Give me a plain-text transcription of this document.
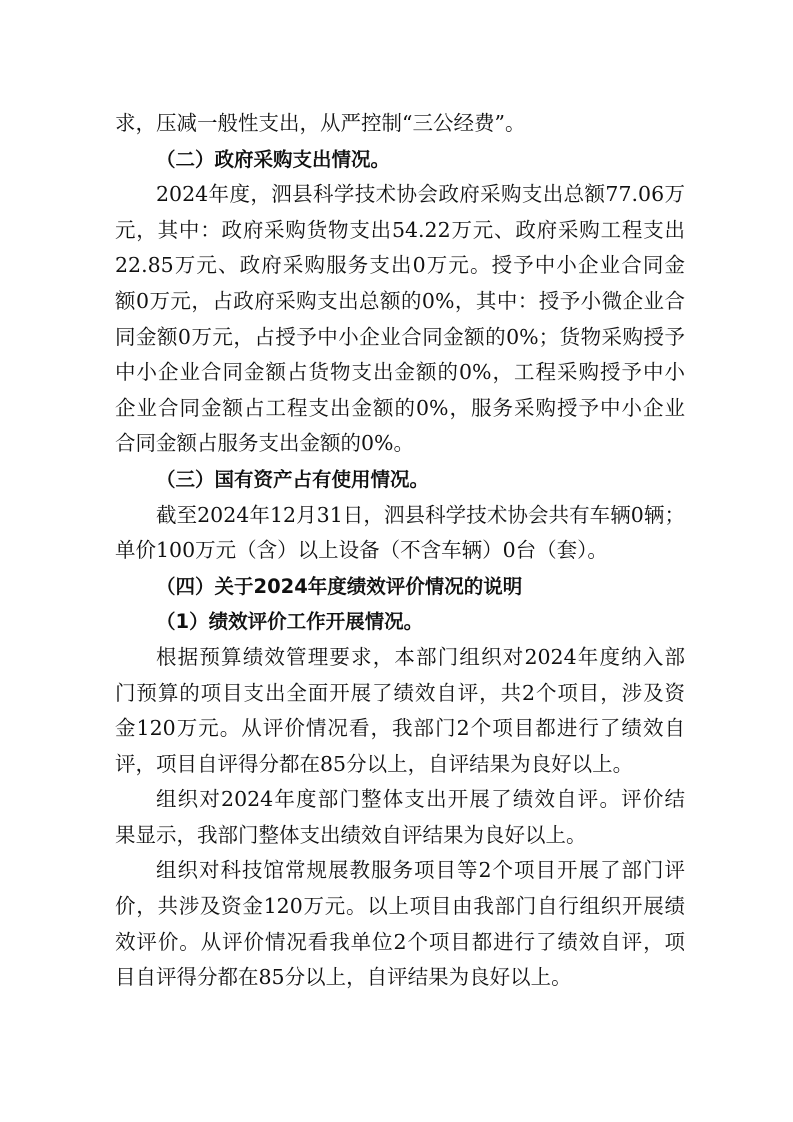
求，压减一般性支出，从严控制“三公经费”。
（二）政府采购支出情况。
2024年度，泗县科学技术协会政府采购支出总额77.06万
元，其中：政府采购货物支出54.22万元、政府采购工程支出
22.85万元、政府采购服务支出0万元。授予中小企业合同金
额0万元，占政府采购支出总额的0%，其中：授予小微企业合
同金额0万元，占授予中小企业合同金额的0%；货物采购授予
中小企业合同金额占货物支出金额的0%，工程采购授予中小
企业合同金额占工程支出金额的0%，服务采购授予中小企业
合同金额占服务支出金额的0%。
（三）国有资产占有使用情况。
截至2024年12月31日，泗县科学技术协会共有车辆0辆；
单价100万元（含）以上设备（不含车辆）0台（套）。
（四）关于2024年度绩效评价情况的说明
（1）绩效评价工作开展情况。
根据预算绩效管理要求，本部门组织对2024年度纳入部
门预算的项目支出全面开展了绩效自评，共2个项目，涉及资
金120万元。从评价情况看，我部门2个项目都进行了绩效自
评，项目自评得分都在85分以上，自评结果为良好以上。
组织对2024年度部门整体支出开展了绩效自评。评价结
果显示，我部门整体支出绩效自评结果为良好以上。
组织对科技馆常规展教服务项目等2个项目开展了部门评
价，共涉及资金120万元。以上项目由我部门自行组织开展绩
效评价。从评价情况看我单位2个项目都进行了绩效自评，项
目自评得分都在85分以上，自评结果为良好以上。
